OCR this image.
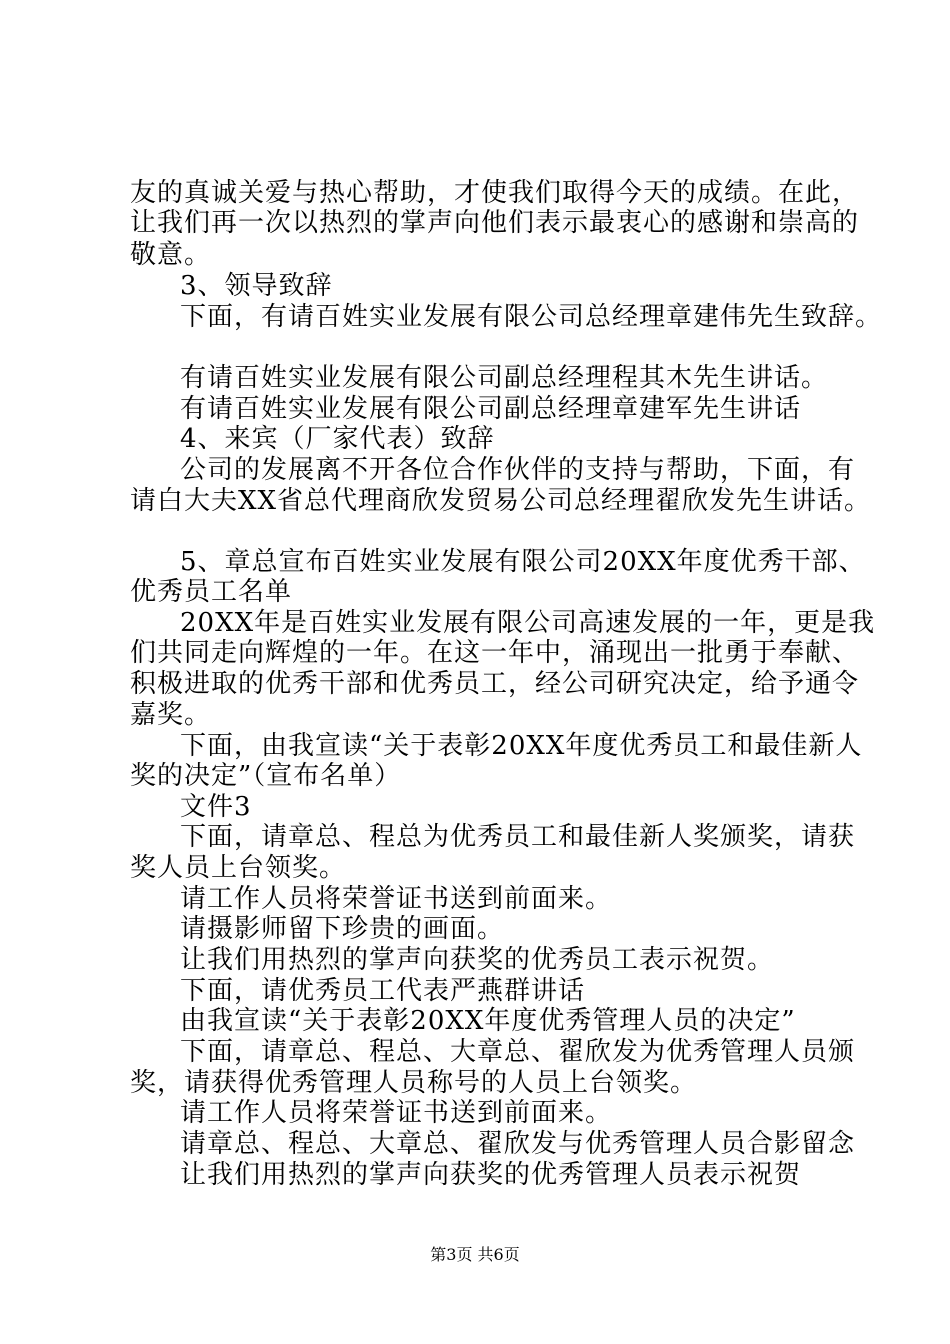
友的真诚关爱与热心帮助，才使我们取得今天的成绩。在此，
让我们再一次以热烈的掌声向他们表示最衷心的感谢和崇高的
敬意。
3、领导致辞
下面，有请百姓实业发展有限公司总经理章建伟先生致辞。
有请百姓实业发展有限公司副总经理程其木先生讲话。
有请百姓实业发展有限公司副总经理章建军先生讲话
4、来宾（厂家代表）致辞
公司的发展离不开各位合作伙伴的支持与帮助，下面，有
请白大夫XX省总代理商欣发贸易公司总经理翟欣发先生讲话。
5、章总宣布百姓实业发展有限公司20XX年度优秀干部、
优秀员工名单
20XX年是百姓实业发展有限公司高速发展的一年，更是我
们共同走向辉煌的一年。在这一年中，涌现出一批勇于奉献、
积极进取的优秀干部和优秀员工，经公司研究决定，给予通令
嘉奖。
下面，由我宣读“关于表彰20XX年度优秀员工和最佳新人
奖的决定”（宣布名单）
文件3
下面，请章总、程总为优秀员工和最佳新人奖颁奖，请获
奖人员上台领奖。
请工作人员将荣誉证书送到前面来。
请摄影师留下珍贵的画面。
让我们用热烈的掌声向获奖的优秀员工表示祝贺。
下面，请优秀员工代表严燕群讲话
由我宣读“关于表彰20XX年度优秀管理人员的决定”
下面，请章总、程总、大章总、翟欣发为优秀管理人员颁
奖，请获得优秀管理人员称号的人员上台领奖。
请工作人员将荣誉证书送到前面来。
请章总、程总、大章总、翟欣发与优秀管理人员合影留念
让我们用热烈的掌声向获奖的优秀管理人员表示祝贺
第3页 共6页
